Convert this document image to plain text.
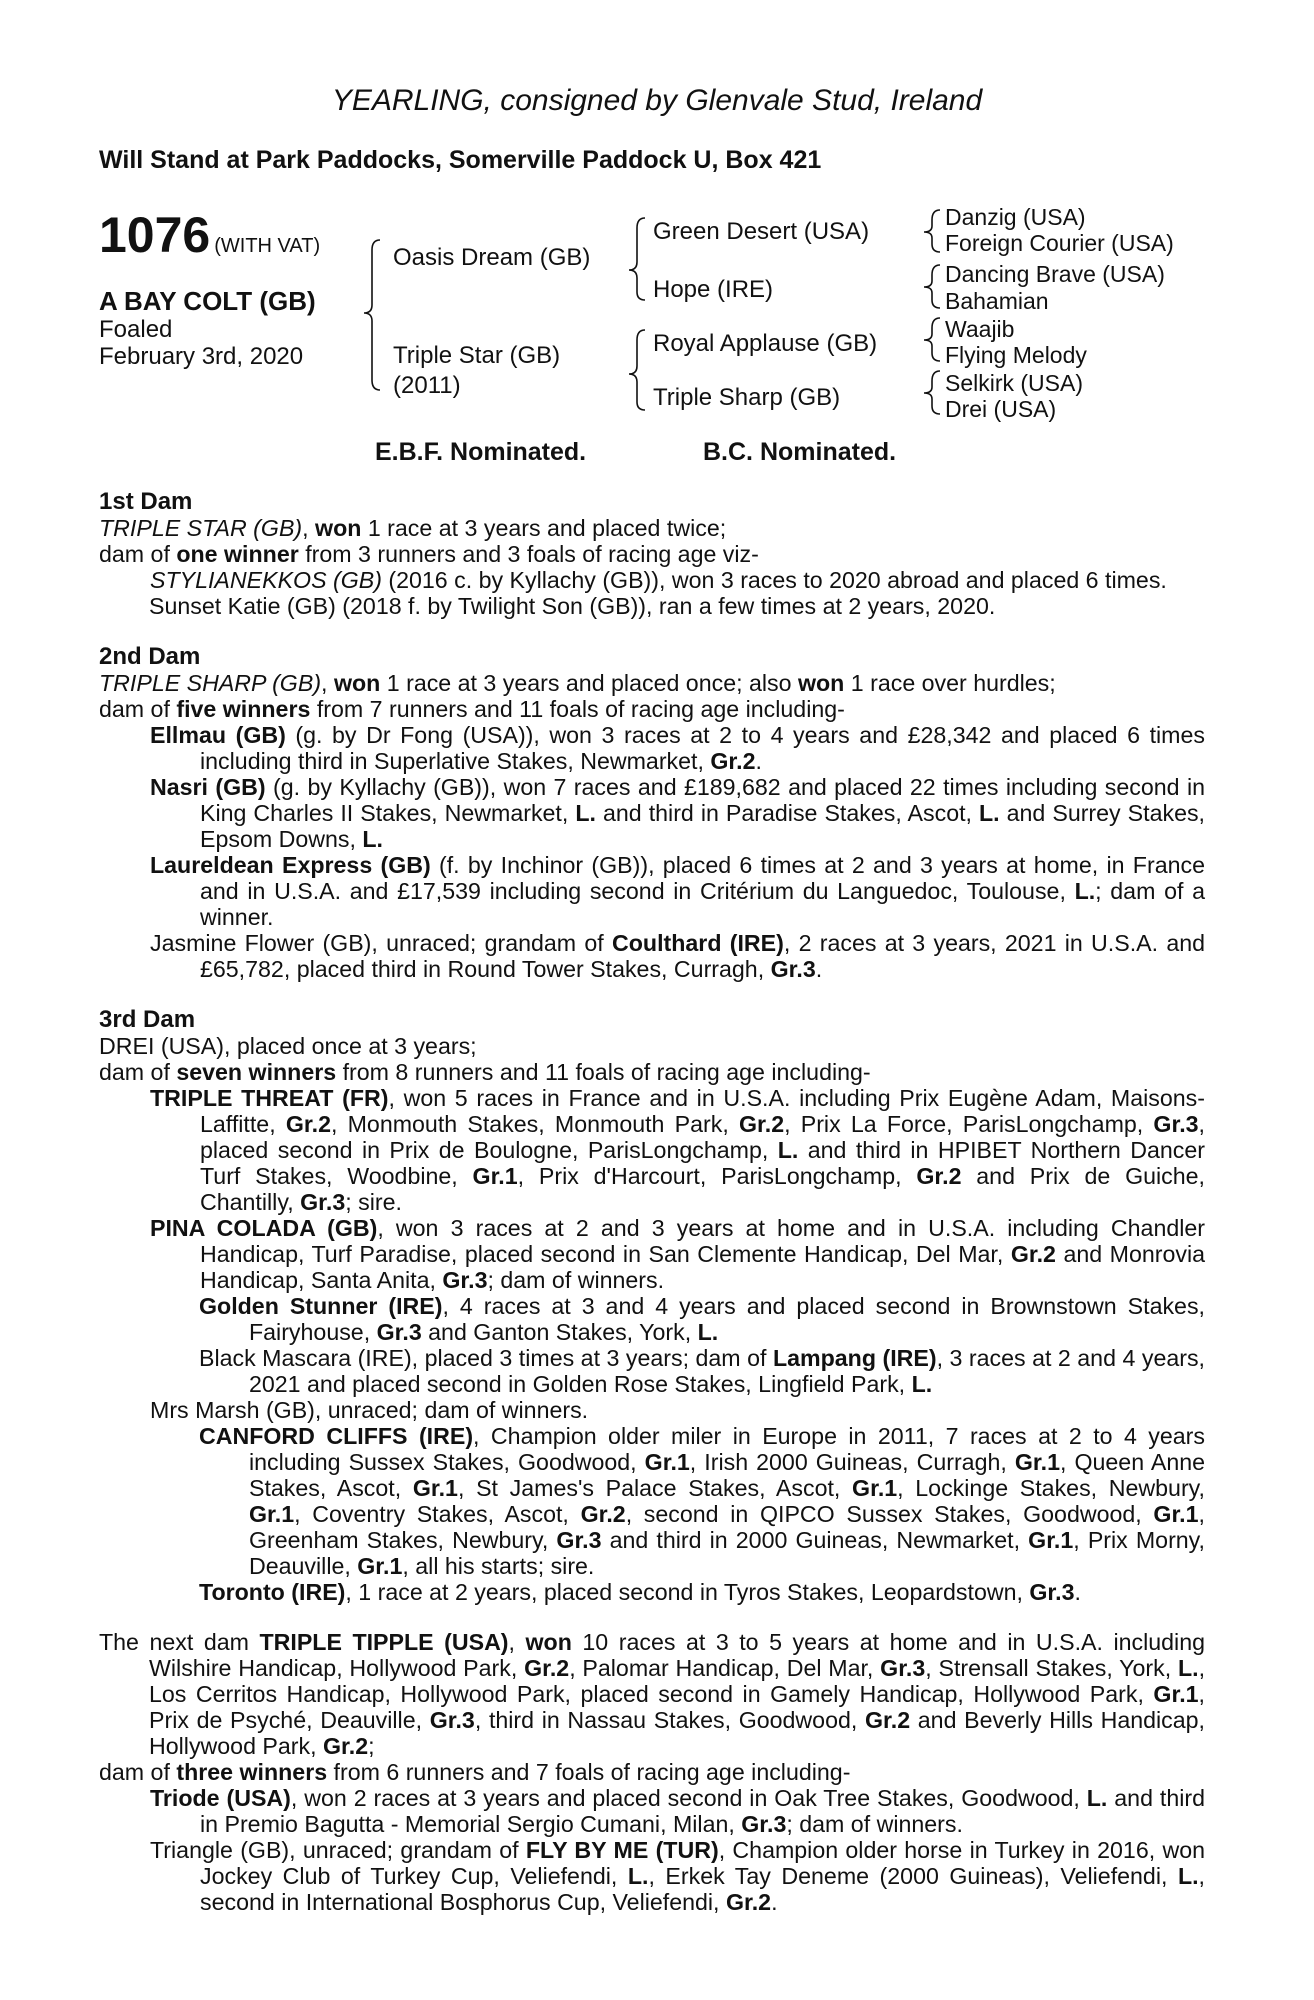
YEARLING, consigned by Glenvale Stud, Ireland
Will Stand at Park Paddocks, Somerville Paddock U, Box 421
1076 (WITH VAT)
A BAY COLT (GB)
Foaled
February 3rd, 2020
Oasis Dream (GB)
Triple Star (GB)
(2011)
Green Desert (USA)
Hope (IRE)
Royal Applause (GB)
Triple Sharp (GB)
Danzig (USA)
Foreign Courier (USA)
Dancing Brave (USA)
Bahamian
Waajib
Flying Melody
Selkirk (USA)
Drei (USA)
E.B.F. Nominated.	B.C. Nominated.
1st Dam

TRIPLE STAR (GB), won 1 race at 3 years and placed twice;

dam of one winner from 3 runners and 3 foals of racing age viz-

STYLIANEKKOS (GB) (2016 c. by Kyllachy (GB)), won 3 races to 2020 abroad and placed 6 times.

Sunset Katie (GB) (2018 f. by Twilight Son (GB)), ran a few times at 2 years, 2020.

2nd Dam

TRIPLE SHARP (GB), won 1 race at 3 years and placed once; also won 1 race over hurdles;

dam of five winners from 7 runners and 11 foals of racing age including-

Ellmau (GB) (g. by Dr Fong (USA)), won 3 races at 2 to 4 years and £28,342 and placed 6 times including third in Superlative Stakes, Newmarket, Gr.2.

Nasri (GB) (g. by Kyllachy (GB)), won 7 races and £189,682 and placed 22 times including second in King Charles II Stakes, Newmarket, L. and third in Paradise Stakes, Ascot, L. and Surrey Stakes, Epsom Downs, L.

Laureldean Express (GB) (f. by Inchinor (GB)), placed 6 times at 2 and 3 years at home, in France and in U.S.A. and £17,539 including second in Critérium du Languedoc, Toulouse, L.; dam of a winner.

Jasmine Flower (GB), unraced; grandam of Coulthard (IRE), 2 races at 3 years, 2021 in U.S.A. and £65,782, placed third in Round Tower Stakes, Curragh, Gr.3.

3rd Dam

DREI (USA), placed once at 3 years;

dam of seven winners from 8 runners and 11 foals of racing age including-

TRIPLE THREAT (FR), won 5 races in France and in U.S.A. including Prix Eugène Adam, Maisons-Laffitte, Gr.2, Monmouth Stakes, Monmouth Park, Gr.2, Prix La Force, ParisLongchamp, Gr.3, placed second in Prix de Boulogne, ParisLongchamp, L. and third in HPIBET Northern Dancer Turf Stakes, Woodbine, Gr.1, Prix d'Harcourt, ParisLongchamp, Gr.2 and Prix de Guiche, Chantilly, Gr.3; sire.

PINA COLADA (GB), won 3 races at 2 and 3 years at home and in U.S.A. including Chandler Handicap, Turf Paradise, placed second in San Clemente Handicap, Del Mar, Gr.2 and Monrovia Handicap, Santa Anita, Gr.3; dam of winners.

Golden Stunner (IRE), 4 races at 3 and 4 years and placed second in Brownstown Stakes, Fairyhouse, Gr.3 and Ganton Stakes, York, L.

Black Mascara (IRE), placed 3 times at 3 years; dam of Lampang (IRE), 3 races at 2 and 4 years, 2021 and placed second in Golden Rose Stakes, Lingfield Park, L.

Mrs Marsh (GB), unraced; dam of winners.

CANFORD CLIFFS (IRE), Champion older miler in Europe in 2011, 7 races at 2 to 4 years including Sussex Stakes, Goodwood, Gr.1, Irish 2000 Guineas, Curragh, Gr.1, Queen Anne Stakes, Ascot, Gr.1, St James's Palace Stakes, Ascot, Gr.1, Lockinge Stakes, Newbury, Gr.1, Coventry Stakes, Ascot, Gr.2, second in QIPCO Sussex Stakes, Goodwood, Gr.1, Greenham Stakes, Newbury, Gr.3 and third in 2000 Guineas, Newmarket, Gr.1, Prix Morny, Deauville, Gr.1, all his starts; sire.

Toronto (IRE), 1 race at 2 years, placed second in Tyros Stakes, Leopardstown, Gr.3.

The next dam TRIPLE TIPPLE (USA), won 10 races at 3 to 5 years at home and in U.S.A. including Wilshire Handicap, Hollywood Park, Gr.2, Palomar Handicap, Del Mar, Gr.3, Strensall Stakes, York, L., Los Cerritos Handicap, Hollywood Park, placed second in Gamely Handicap, Hollywood Park, Gr.1, Prix de Psyché, Deauville, Gr.3, third in Nassau Stakes, Goodwood, Gr.2 and Beverly Hills Handicap, Hollywood Park, Gr.2;

dam of three winners from 6 runners and 7 foals of racing age including-

Triode (USA), won 2 races at 3 years and placed second in Oak Tree Stakes, Goodwood, L. and third in Premio Bagutta - Memorial Sergio Cumani, Milan, Gr.3; dam of winners.

Triangle (GB), unraced; grandam of FLY BY ME (TUR), Champion older horse in Turkey in 2016, won Jockey Club of Turkey Cup, Veliefendi, L., Erkek Tay Deneme (2000 Guineas), Veliefendi, L., second in International Bosphorus Cup, Veliefendi, Gr.2.
